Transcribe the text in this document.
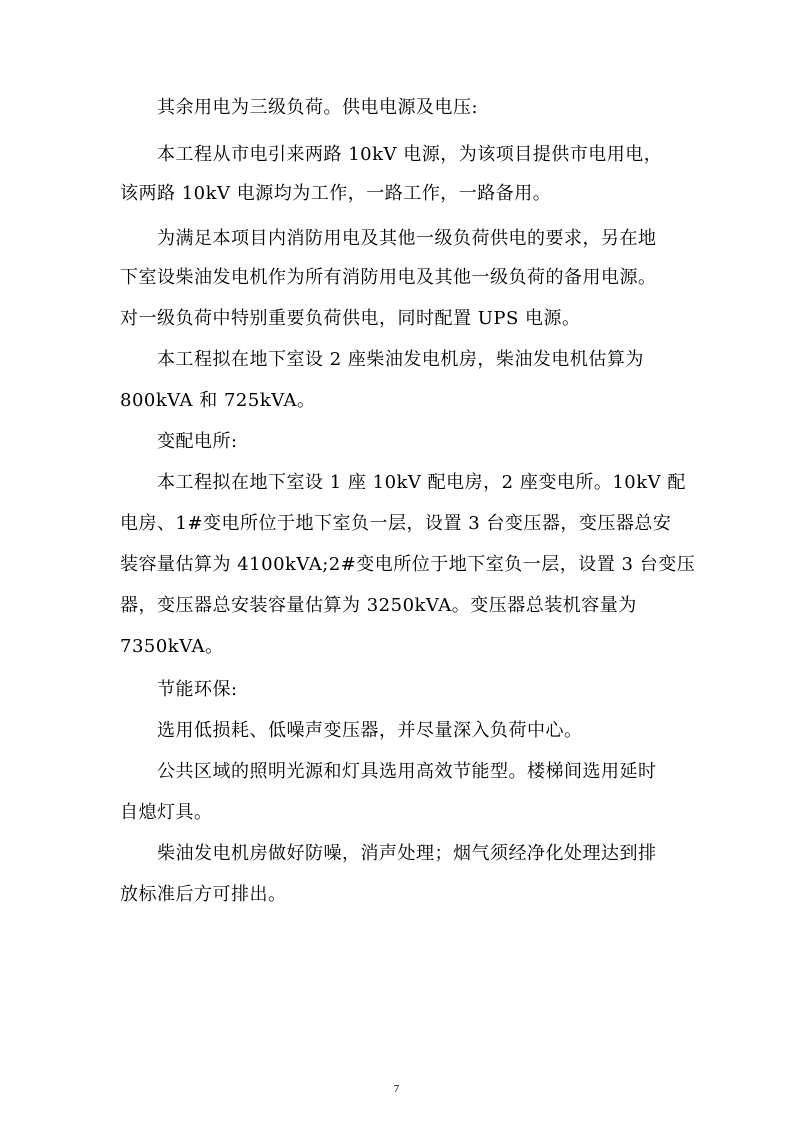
其余用电为三级负荷。供电电源及电压:
本工程从市电引来两路 10kV 电源，为该项目提供市电用电，
该两路 10kV 电源均为工作，一路工作，一路备用。
为满足本项目内消防用电及其他一级负荷供电的要求，另在地
下室设柴油发电机作为所有消防用电及其他一级负荷的备用电源。
对一级负荷中特别重要负荷供电，同时配置 UPS 电源。
本工程拟在地下室设 2 座柴油发电机房，柴油发电机估算为
800kVA 和 725kVA。
变配电所:
本工程拟在地下室设 1 座 10kV 配电房，2 座变电所。10kV 配
电房、1#变电所位于地下室负一层，设置 3 台变压器，变压器总安
装容量估算为 4100kVA;2#变电所位于地下室负一层，设置 3 台变压
器，变压器总安装容量估算为 3250kVA。变压器总装机容量为
7350kVA。
节能环保:
选用低损耗、低噪声变压器，并尽量深入负荷中心。
公共区域的照明光源和灯具选用高效节能型。楼梯间选用延时
自熄灯具。
柴油发电机房做好防噪，消声处理；烟气须经净化处理达到排
放标准后方可排出。
7
